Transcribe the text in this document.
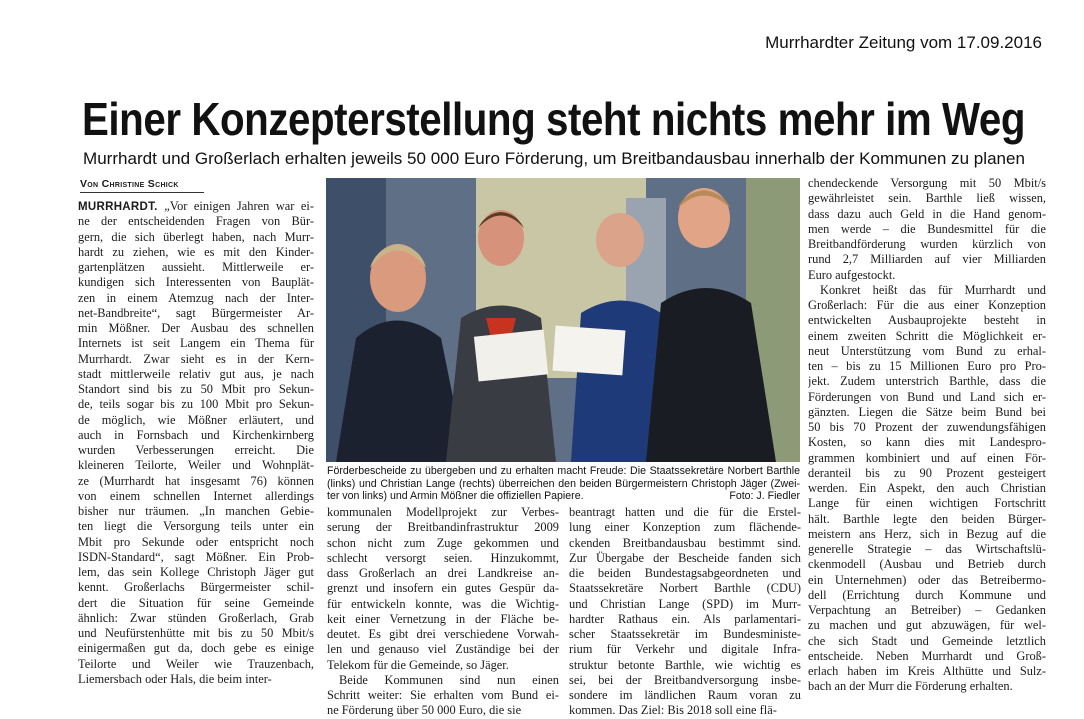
Murrhardter Zeitung vom 17.09.2016
Einer Konzepterstellung steht nichts mehr im Weg
Murrhardt und Großerlach erhalten jeweils 50 000 Euro Förderung, um Breitbandausbau innerhalb der Kommunen zu planen
Von Christine Schick
Förderbescheide zu übergeben und zu erhalten macht Freude: Die Staatssekretäre Norbert Barthle
(links) und Christian Lange (rechts) überreichen den beiden Bürgermeistern Christoph Jäger (Zwei-
Foto: J. Fiedler
ter von links) und Armin Mößner die offiziellen Papiere.
MURRHARDT. „Vor einigen Jahren war ei-
ne der entscheidenden Fragen von Bür-
gern, die sich überlegt haben, nach Murr-
hardt zu ziehen, wie es mit den Kinder-
gartenplätzen aussieht. Mittlerweile er-
kundigen sich Interessenten von Bauplät-
zen in einem Atemzug nach der Inter-
net-Bandbreite“, sagt Bürgermeister Ar-
min Mößner. Der Ausbau des schnellen
Internets ist seit Langem ein Thema für
Murrhardt. Zwar sieht es in der Kern-
stadt mittlerweile relativ gut aus, je nach
Standort sind bis zu 50 Mbit pro Sekun-
de, teils sogar bis zu 100 Mbit pro Sekun-
de möglich, wie Mößner erläutert, und
auch in Fornsbach und Kirchenkirnberg
wurden Verbesserungen erreicht. Die
kleineren Teilorte, Weiler und Wohnplät-
ze (Murrhardt hat insgesamt 76) können
von einem schnellen Internet allerdings
bisher nur träumen. „In manchen Gebie-
ten liegt die Versorgung teils unter ein
Mbit pro Sekunde oder entspricht noch
ISDN-Standard“, sagt Mößner. Ein Prob-
lem, das sein Kollege Christoph Jäger gut
kennt. Großerlachs Bürgermeister schil-
dert die Situation für seine Gemeinde
ähnlich: Zwar stünden Großerlach, Grab
und Neufürstenhütte mit bis zu 50 Mbit/s
einigermaßen gut da, doch gebe es einige
Teilorte und Weiler wie Trauzenbach,
Liemersbach oder Hals, die beim inter-
kommunalen Modellprojekt zur Verbes-
serung der Breitbandinfrastruktur 2009
schon nicht zum Zuge gekommen und
schlecht versorgt seien. Hinzukommt,
dass Großerlach an drei Landkreise an-
grenzt und insofern ein gutes Gespür da-
für entwickeln konnte, was die Wichtig-
keit einer Vernetzung in der Fläche be-
deutet. Es gibt drei verschiedene Vorwah-
len und genauso viel Zuständige bei der
Telekom für die Gemeinde, so Jäger.
Beide Kommunen sind nun einen
Schritt weiter: Sie erhalten vom Bund ei-
ne Förderung über 50 000 Euro, die sie
beantragt hatten und die für die Erstel-
lung einer Konzeption zum flächende-
ckenden Breitbandausbau bestimmt sind.
Zur Übergabe der Bescheide fanden sich
die beiden Bundestagsabgeordneten und
Staatssekretäre Norbert Barthle (CDU)
und Christian Lange (SPD) im Murr-
hardter Rathaus ein. Als parlamentari-
scher Staatssekretär im Bundesministe-
rium für Verkehr und digitale Infra-
struktur betonte Barthle, wie wichtig es
sei, bei der Breitbandversorgung insbe-
sondere im ländlichen Raum voran zu
kommen. Das Ziel: Bis 2018 soll eine flä-
chendeckende Versorgung mit 50 Mbit/s
gewährleistet sein. Barthle ließ wissen,
dass dazu auch Geld in die Hand genom-
men werde – die Bundesmittel für die
Breitbandförderung wurden kürzlich von
rund 2,7 Milliarden auf vier Milliarden
Euro aufgestockt.
Konkret heißt das für Murrhardt und
Großerlach: Für die aus einer Konzeption
entwickelten Ausbauprojekte besteht in
einem zweiten Schritt die Möglichkeit er-
neut Unterstützung vom Bund zu erhal-
ten – bis zu 15 Millionen Euro pro Pro-
jekt. Zudem unterstrich Barthle, dass die
Förderungen von Bund und Land sich er-
gänzten. Liegen die Sätze beim Bund bei
50 bis 70 Prozent der zuwendungsfähigen
Kosten, so kann dies mit Landespro-
grammen kombiniert und auf einen För-
deranteil bis zu 90 Prozent gesteigert
werden. Ein Aspekt, den auch Christian
Lange für einen wichtigen Fortschritt
hält. Barthle legte den beiden Bürger-
meistern ans Herz, sich in Bezug auf die
generelle Strategie – das Wirtschaftslü-
ckenmodell (Ausbau und Betrieb durch
ein Unternehmen) oder das Betreibermo-
dell (Errichtung durch Kommune und
Verpachtung an Betreiber) – Gedanken
zu machen und gut abzuwägen, für wel-
che sich Stadt und Gemeinde letztlich
entscheide. Neben Murrhardt und Groß-
erlach haben im Kreis Althütte und Sulz-
bach an der Murr die Förderung erhalten.
